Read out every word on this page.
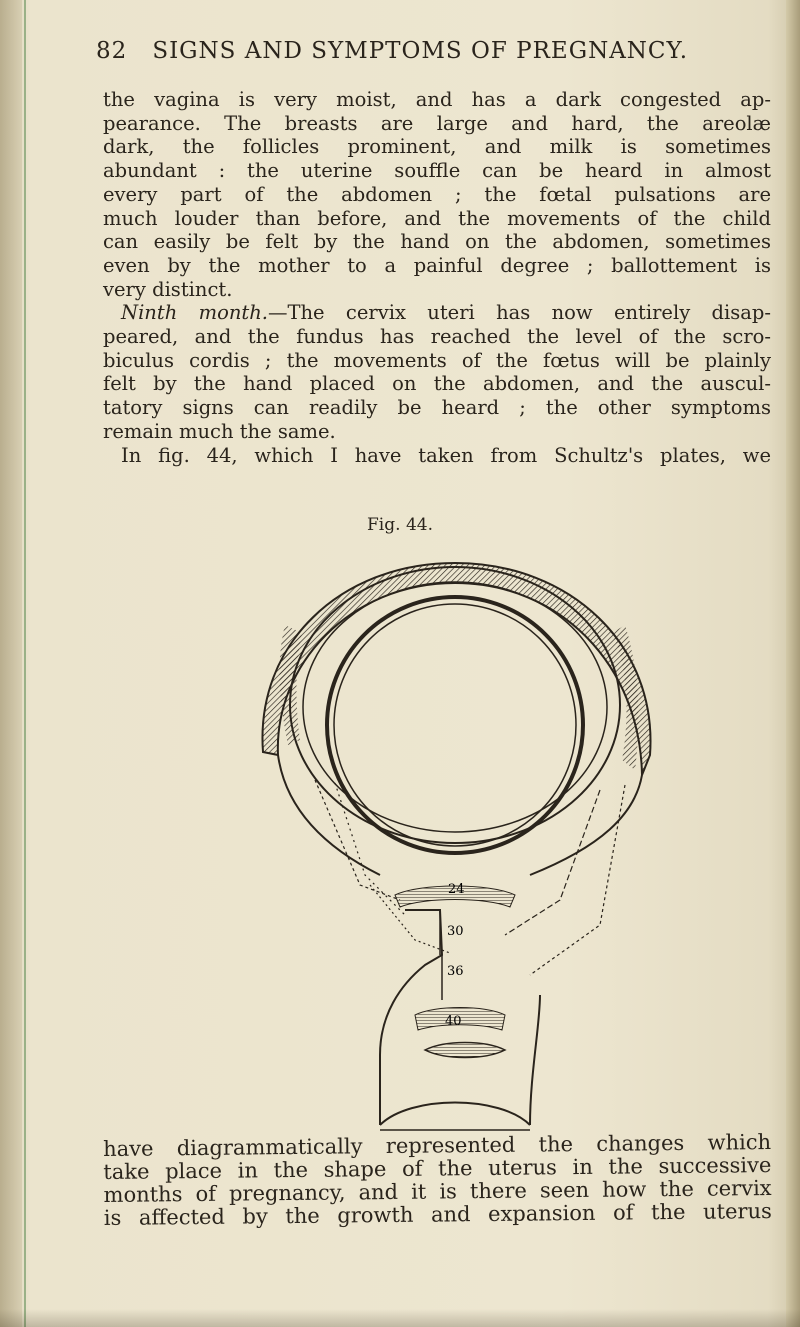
82 SIGNS AND SYMPTOMS OF PREGNANCY.
the vagina is very moist, and has a dark congested ap-
pearance. The breasts are large and hard, the areolæ
dark, the follicles prominent, and milk is sometimes
abundant : the uterine souffle can be heard in almost
every part of the abdomen ; the fœtal pulsations are
much louder than before, and the movements of the child
can easily be felt by the hand on the abdomen, sometimes
even by the mother to a painful degree ; ballottement is
very distinct.
Ninth month.—The cervix uteri has now entirely disap-
peared, and the fundus has reached the level of the scro-
biculus cordis ; the movements of the fœtus will be plainly
felt by the hand placed on the abdomen, and the auscul-
tatory signs can readily be heard ; the other symptoms
remain much the same.
In fig. 44, which I have taken from Schultz's plates, we
Fig. 44.
24
30
36
40
have diagrammatically represented the changes which
take place in the shape of the uterus in the successive
months of pregnancy, and it is there seen how the cervix
is affected by the growth and expansion of the uterus
